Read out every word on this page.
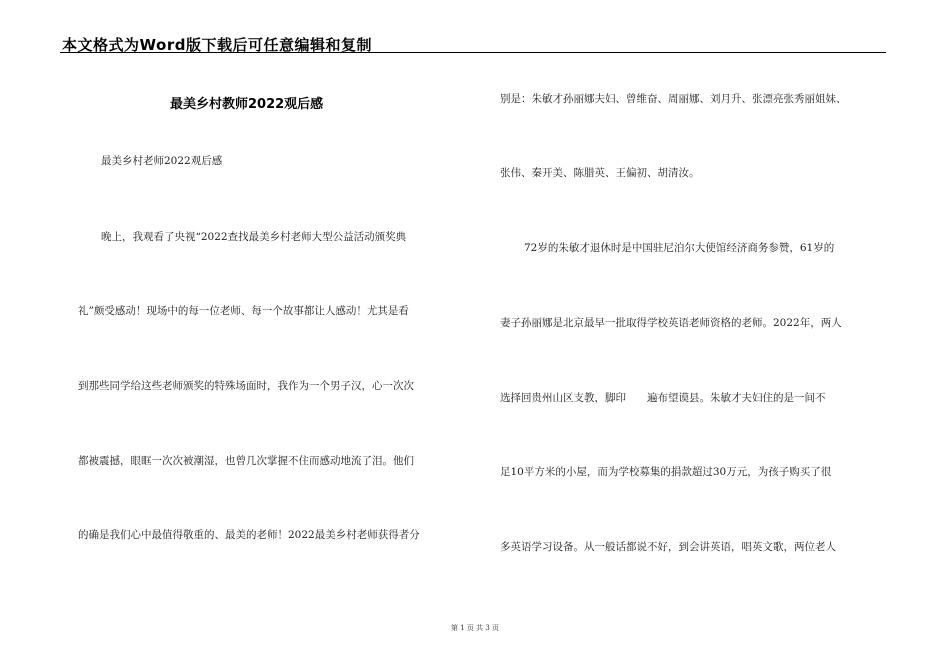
本文格式为Word版下载后可任意编辑和复制
最美乡村教师2022观后感
最美乡村老师2022观后感
晚上，我观看了央视“2022查找最美乡村老师大型公益活动颁奖典
礼”颇受感动！现场中的每一位老师、每一个故事都让人感动！尤其是看
到那些同学给这些老师颁奖的特殊场面时，我作为一个男子汉，心一次次
都被震撼，眼眶一次次被潮湿，也曾几次掌握不住而感动地流了泪。他们
的确是我们心中最值得敬重的、最美的老师！2022最美乡村老师获得者分
别是：朱敏才孙丽娜夫妇、曾维奋、周丽娜、刘月升、张漂亮张秀丽姐妹、
张伟、秦开美、陈腊英、王偏初、胡清汝。
72岁的朱敏才退休时是中国驻尼泊尔大使馆经济商务参赞，61岁的
妻子孙丽娜是北京最早一批取得学校英语老师资格的老师。2022年，两人
选择回贵州山区支教，脚印　　遍布望谟县。朱敏才夫妇住的是一间不
足10平方米的小屋，而为学校募集的捐款超过30万元，为孩子购买了很
多英语学习设备。从一般话都说不好，到会讲英语，唱英文歌，两位老人
第 1 页 共 3 页
